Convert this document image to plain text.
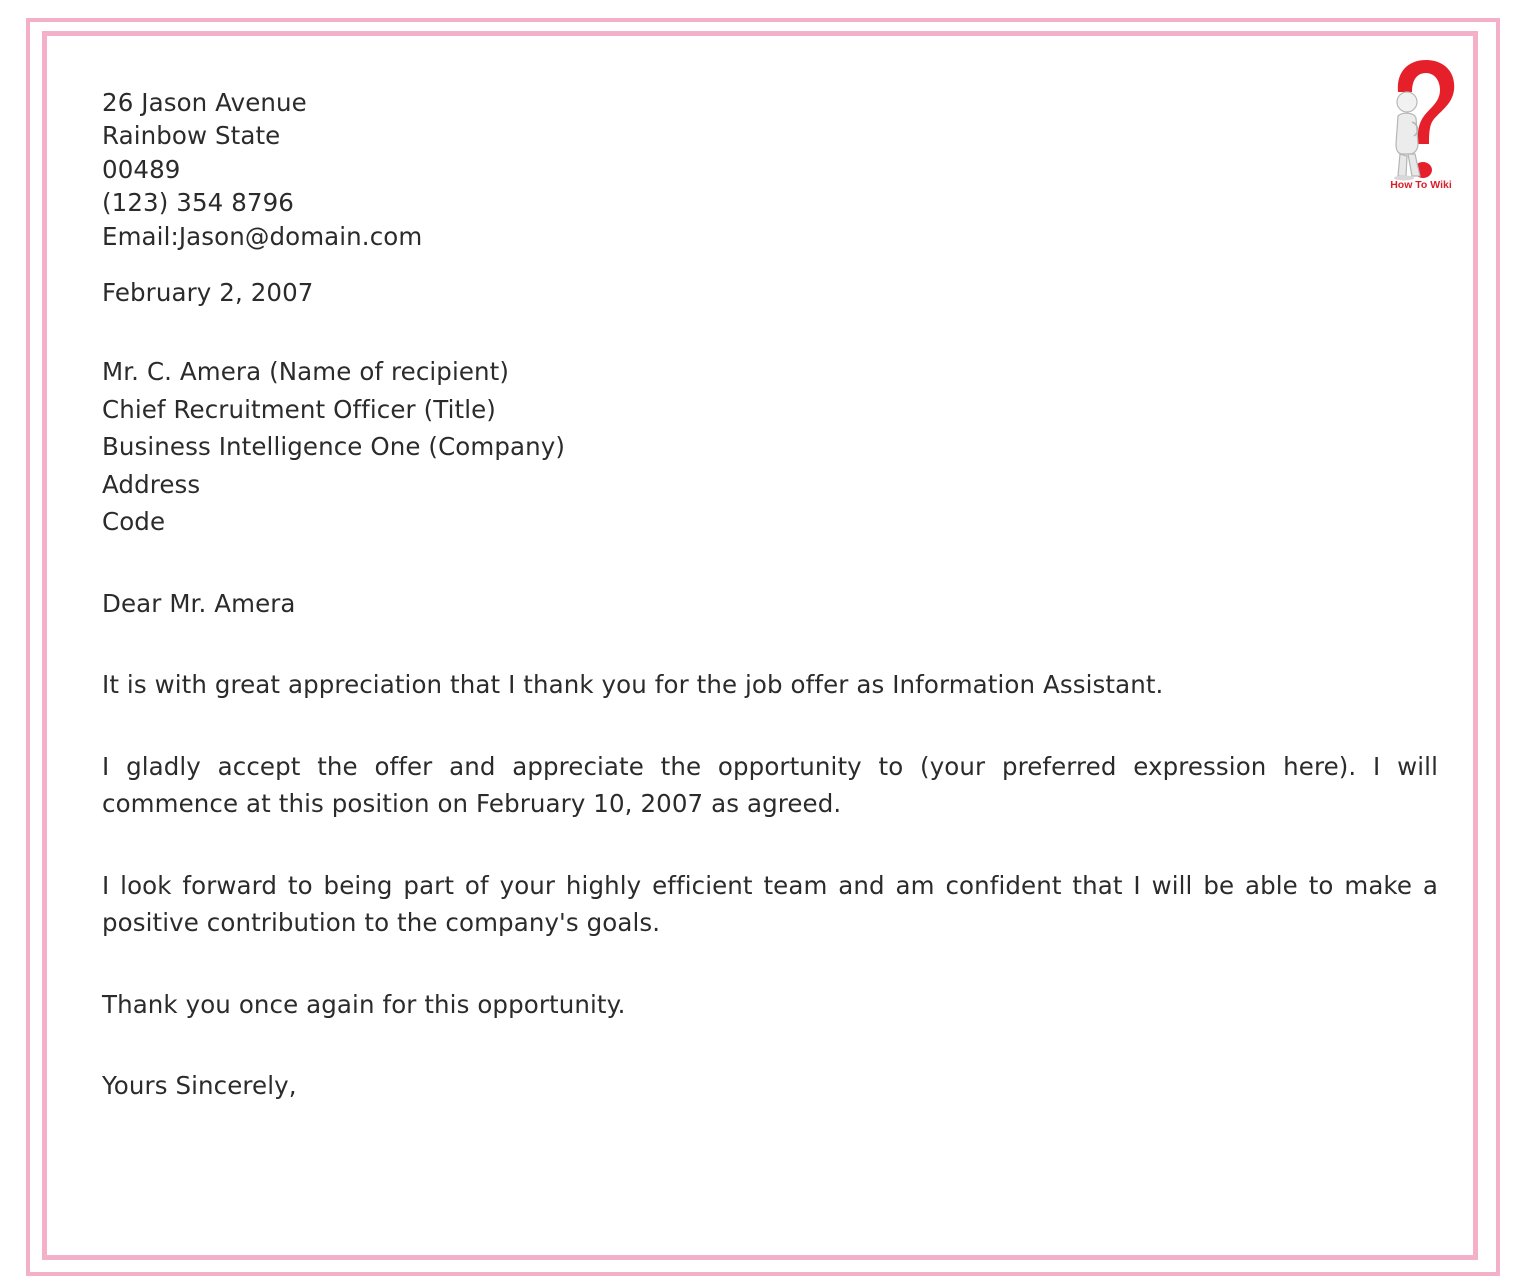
How To Wiki
26 Jason Avenue
Rainbow State
00489
(123) 354 8796
Email:Jason@domain.com
February 2, 2007
Mr. C. Amera (Name of recipient)
Chief Recruitment Officer (Title)
Business Intelligence One (Company)
Address
Code
Dear Mr. Amera

It is with great appreciation that I thank you for the job offer as Information Assistant.

I gladly accept the offer and appreciate the opportunity to (your preferred expression here). I will commence at this position on February 10, 2007 as agreed.

I look forward to being part of your highly efficient team and am confident that I will be able to make a positive contribution to the company's goals.

Thank you once again for this opportunity.

Yours Sincerely,
